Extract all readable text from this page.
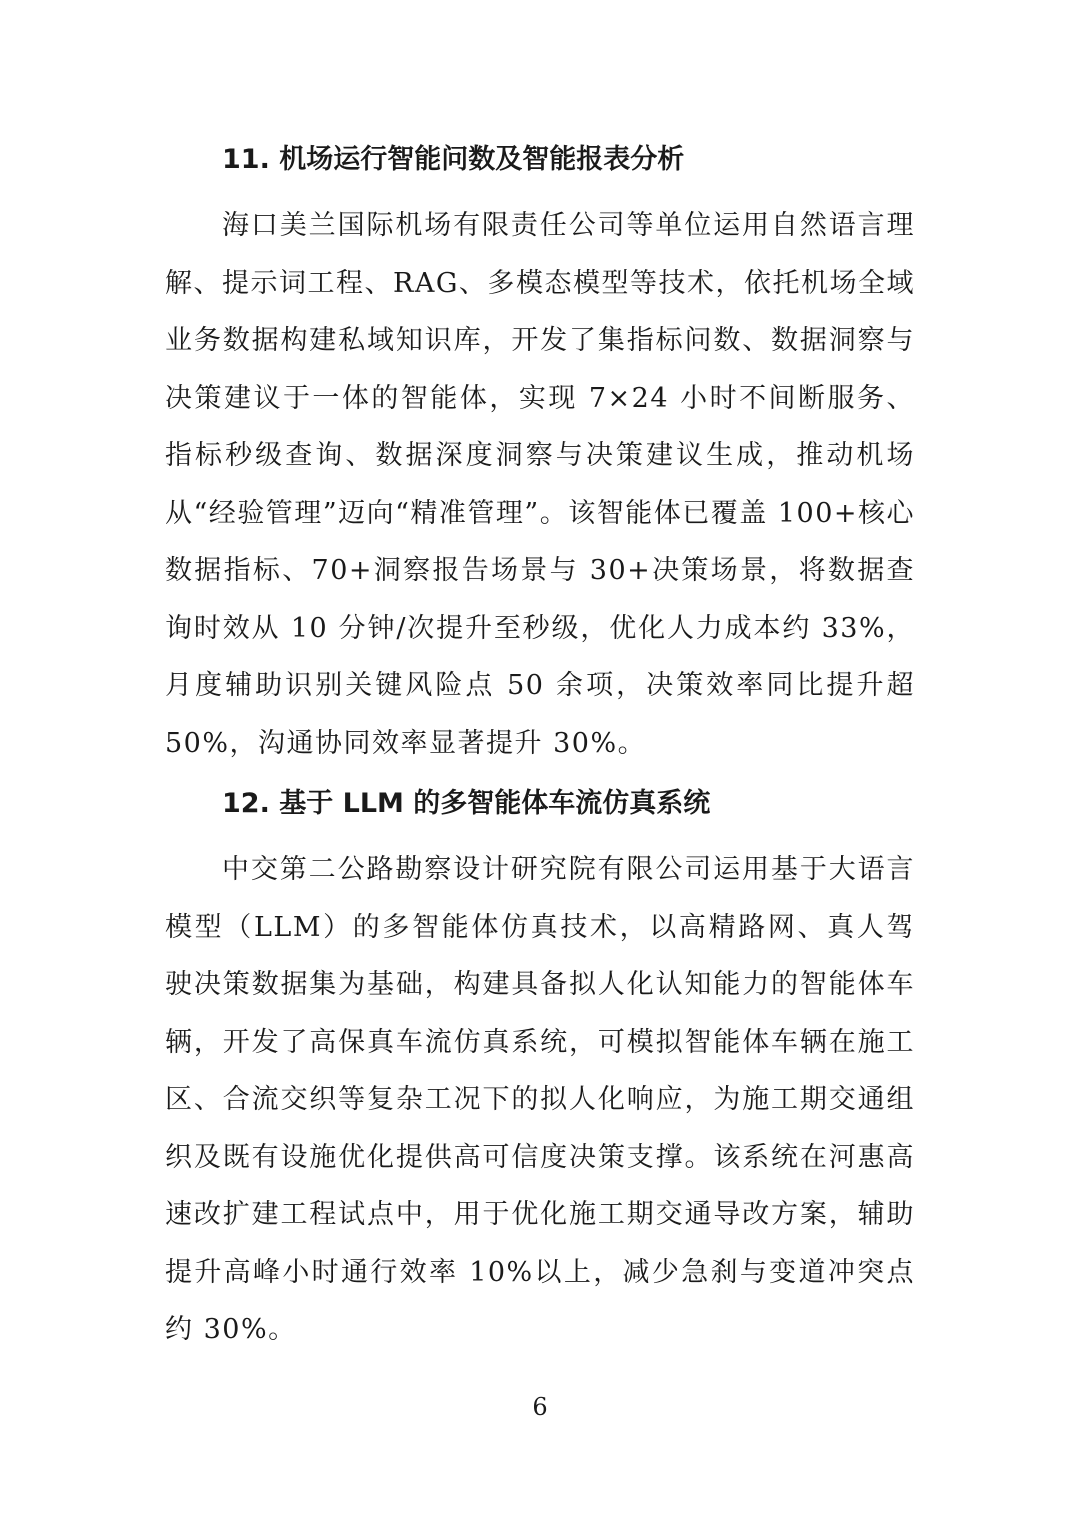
11. 机场运行智能问数及智能报表分析

海口美兰国际机场有限责任公司等单位运用自然语言理解、提示词工程、RAG、多模态模型等技术，依托机场全域业务数据构建私域知识库，开发了集指标问数、数据洞察与决策建议于一体的智能体，实现 7×24 小时不间断服务、指标秒级查询、数据深度洞察与决策建议生成，推动机场从“经验管理”迈向“精准管理”。该智能体已覆盖 100+核心数据指标、70+洞察报告场景与 30+决策场景，将数据查询时效从 10 分钟/次提升至秒级，优化人力成本约 33%，月度辅助识别关键风险点 50 余项，决策效率同比提升超 50%，沟通协同效率显著提升 30%。

12. 基于 LLM 的多智能体车流仿真系统

中交第二公路勘察设计研究院有限公司运用基于大语言模型（LLM）的多智能体仿真技术，以高精路网、真人驾驶决策数据集为基础，构建具备拟人化认知能力的智能体车辆，开发了高保真车流仿真系统，可模拟智能体车辆在施工区、合流交织等复杂工况下的拟人化响应，为施工期交通组织及既有设施优化提供高可信度决策支撑。该系统在河惠高速改扩建工程试点中，用于优化施工期交通导改方案，辅助提升高峰小时通行效率 10%以上，减少急刹与变道冲突点约 30%。

6
